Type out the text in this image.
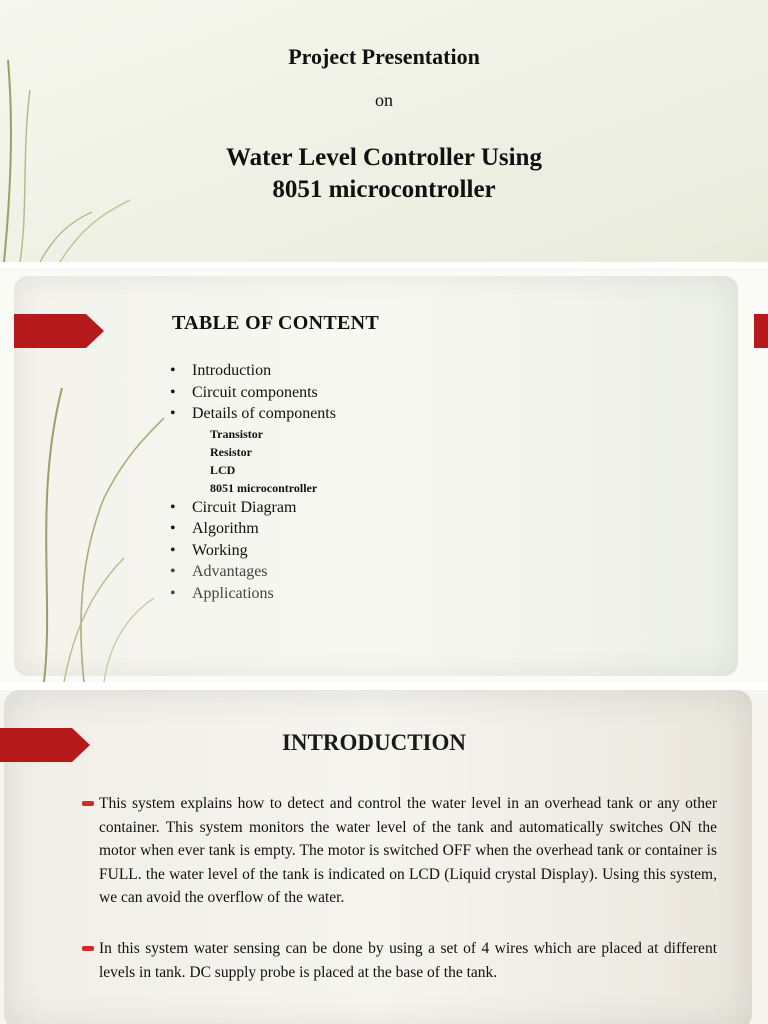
Project Presentation
on
Water Level Controller Using
8051 microcontroller
TABLE OF CONTENT
• Introduction
• Circuit components
• Details of components
Transistor
Resistor
LCD
8051 microcontroller
• Circuit Diagram
• Algorithm
• Working
• Advantages
• Applications
INTRODUCTION
This system explains how to detect and control the water level in an overhead tank or any other container. This system monitors the water level of the tank and automatically switches ON the motor when ever tank is empty. The motor is switched OFF when the overhead tank or container is FULL. the water level of the tank is indicated on LCD (Liquid crystal Display). Using this system, we can avoid the overflow of the water.
In this system water sensing can be done by using a set of 4 wires which are placed at different levels in tank. DC supply probe is placed at the base of the tank.
